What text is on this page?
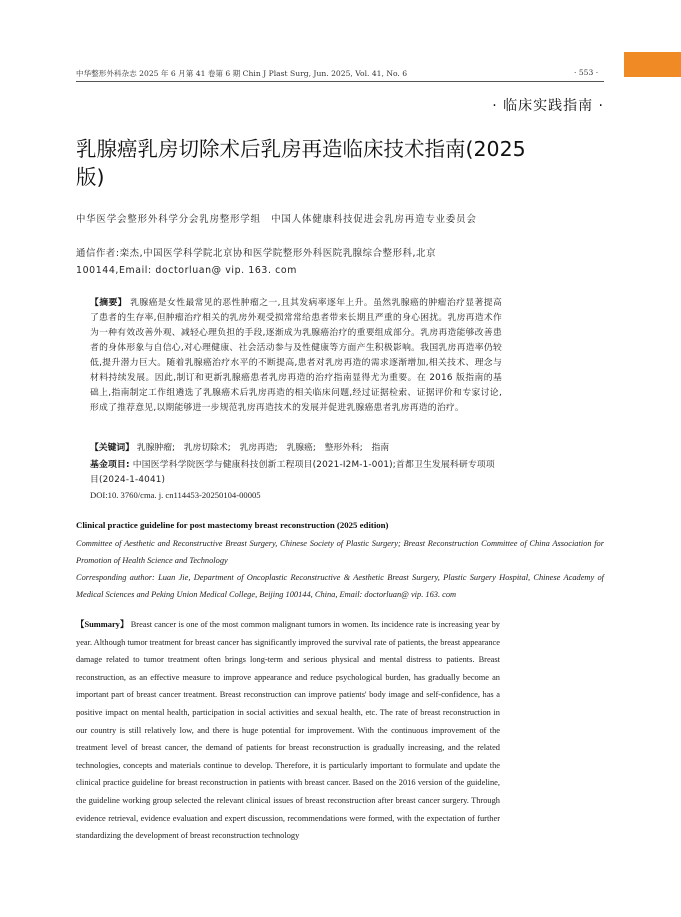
中华整形外科杂志 2025 年 6 月第 41 卷第 6 期 Chin J Plast Surg, Jun. 2025, Vol. 41, No. 6	· 553 ·
· 临床实践指南 ·
乳腺癌乳房切除术后乳房再造临床技术指南(2025 版)
中华医学会整形外科学分会乳房整形学组　中国人体健康科技促进会乳房再造专业委员会
通信作者:栾杰,中国医学科学院北京协和医学院整形外科医院乳腺综合整形科,北京 100144,Email: doctorluan@ vip. 163. com
【摘要】 乳腺癌是女性最常见的恶性肿瘤之一,且其发病率逐年上升。虽然乳腺癌的肿瘤治疗显著提高了患者的生存率,但肿瘤治疗相关的乳房外观受损常常给患者带来长期且严重的身心困扰。乳房再造术作为一种有效改善外观、减轻心理负担的手段,逐渐成为乳腺癌治疗的重要组成部分。乳房再造能够改善患者的身体形象与自信心,对心理健康、社会活动参与及性健康等方面产生积极影响。我国乳房再造率仍较低,提升潜力巨大。随着乳腺癌治疗水平的不断提高,患者对乳房再造的需求逐渐增加,相关技术、理念与材料持续发展。因此,制订和更新乳腺癌患者乳房再造的治疗指南显得尤为重要。在 2016 版指南的基础上,指南制定工作组遴选了乳腺癌术后乳房再造的相关临床问题,经过证据检索、证据评价和专家讨论,形成了推荐意见,以期能够进一步规范乳房再造技术的发展并促进乳腺癌患者乳房再造的治疗。
【关键词】 乳腺肿瘤;　乳房切除术;　乳房再造;　乳腺癌;　整形外科;　指南
基金项目: 中国医学科学院医学与健康科技创新工程项目(2021-I2M-1-001);首都卫生发展科研专项项目(2024-1-4041)
DOI:10. 3760/cma. j. cn114453-20250104-00005
Clinical practice guideline for post mastectomy breast reconstruction (2025 edition)
Committee of Aesthetic and Reconstructive Breast Surgery, Chinese Society of Plastic Surgery; Breast Reconstruction Committee of China Association for Promotion of Health Science and Technology
Corresponding author: Luan Jie, Department of Oncoplastic Reconstructive & Aesthetic Breast Surgery, Plastic Surgery Hospital, Chinese Academy of Medical Sciences and Peking Union Medical College, Beijing 100144, China, Email: doctorluan@ vip. 163. com
【Summary】 Breast cancer is one of the most common malignant tumors in women. Its incidence rate is increasing year by year. Although tumor treatment for breast cancer has significantly improved the survival rate of patients, the breast appearance damage related to tumor treatment often brings long-term and serious physical and mental distress to patients. Breast reconstruction, as an effective measure to improve appearance and reduce psychological burden, has gradually become an important part of breast cancer treatment. Breast reconstruction can improve patients' body image and self-confidence, has a positive impact on mental health, participation in social activities and sexual health, etc. The rate of breast reconstruction in our country is still relatively low, and there is huge potential for improvement. With the continuous improvement of the treatment level of breast cancer, the demand of patients for breast reconstruction is gradually increasing, and the related technologies, concepts and materials continue to develop. Therefore, it is particularly important to formulate and update the clinical practice guideline for breast reconstruction in patients with breast cancer. Based on the 2016 version of the guideline, the guideline working group selected the relevant clinical issues of breast reconstruction after breast cancer surgery. Through evidence retrieval, evidence evaluation and expert discussion, recommendations were formed, with the expectation of further standardizing the development of breast reconstruction technology
